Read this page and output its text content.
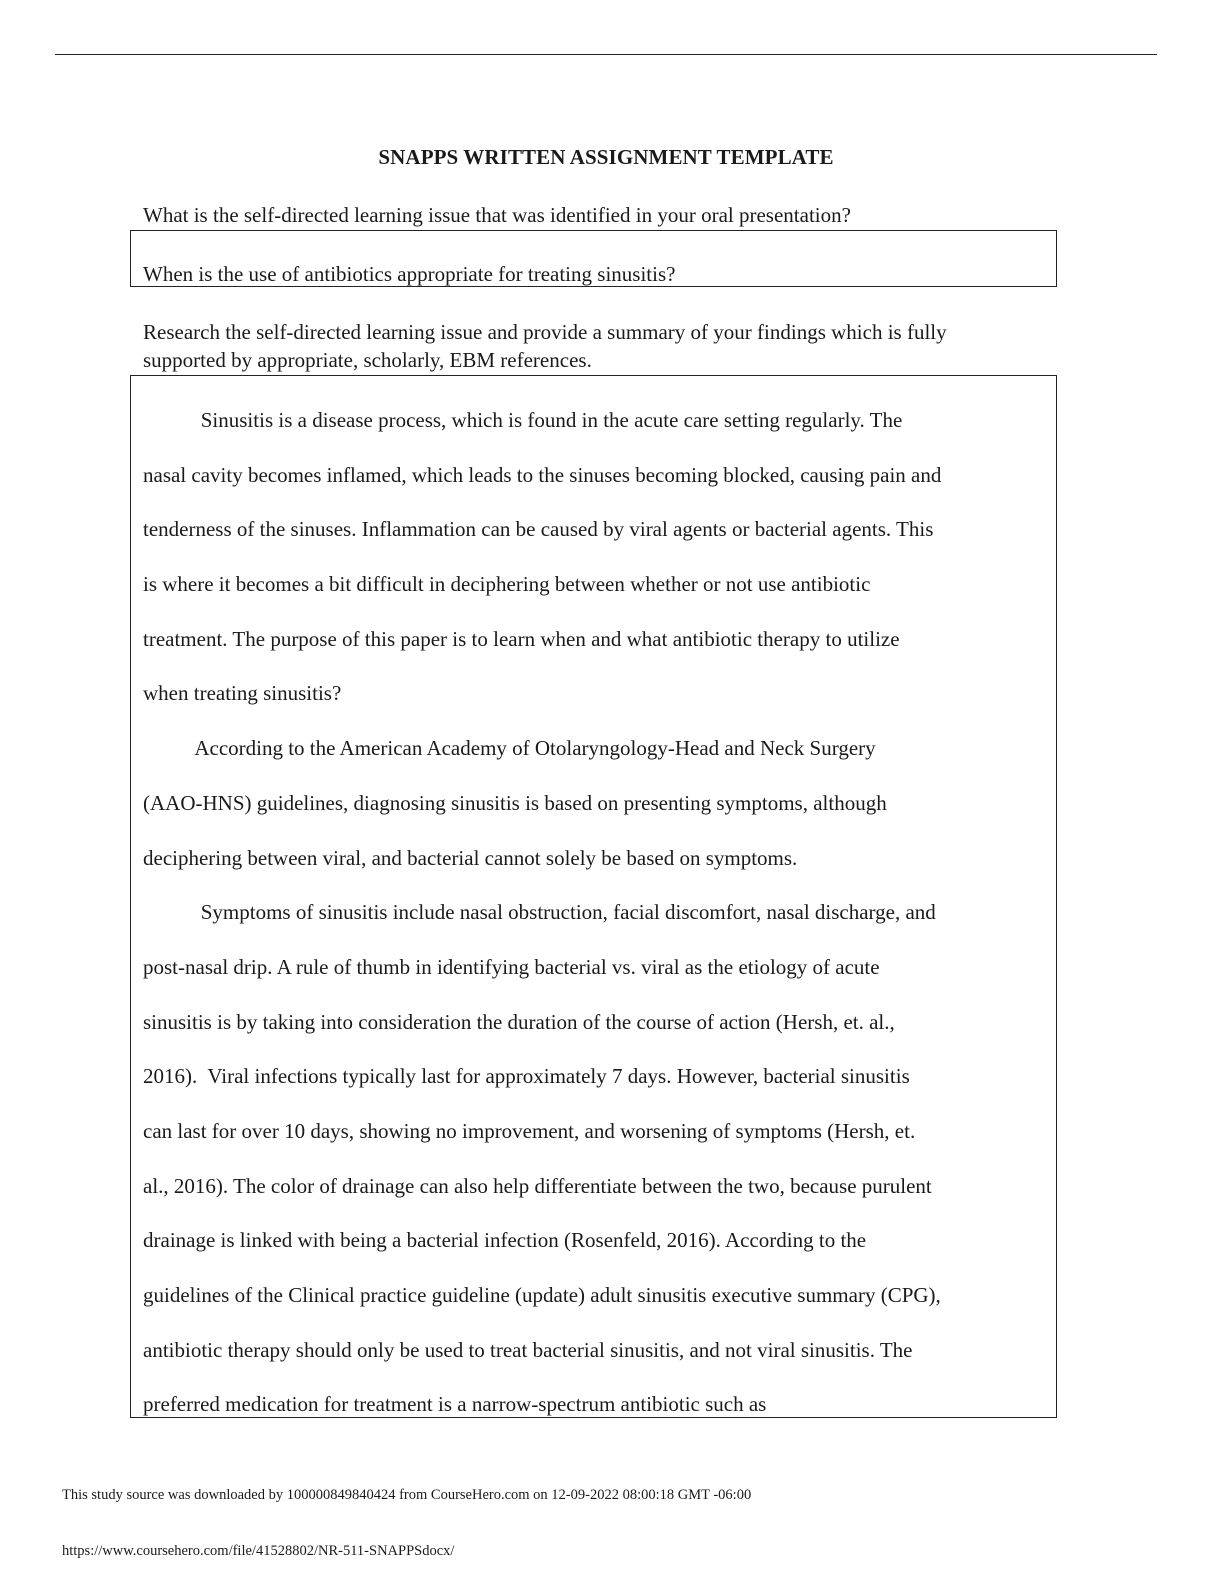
SNAPPS WRITTEN ASSIGNMENT TEMPLATE
What is the self-directed learning issue that was identified in your oral presentation?
When is the use of antibiotics appropriate for treating sinusitis?
Research the self-directed learning issue and provide a summary of your findings which is fully
supported by appropriate, scholarly, EBM references.
Sinusitis is a disease process, which is found in the acute care setting regularly. The
nasal cavity becomes inflamed, which leads to the sinuses becoming blocked, causing pain and
tenderness of the sinuses. Inflammation can be caused by viral agents or bacterial agents. This
is where it becomes a bit difficult in deciphering between whether or not use antibiotic
treatment. The purpose of this paper is to learn when and what antibiotic therapy to utilize
when treating sinusitis?
According to the American Academy of Otolaryngology-Head and Neck Surgery
(AAO-HNS) guidelines, diagnosing sinusitis is based on presenting symptoms, although
deciphering between viral, and bacterial cannot solely be based on symptoms.
Symptoms of sinusitis include nasal obstruction, facial discomfort, nasal discharge, and
post-nasal drip. A rule of thumb in identifying bacterial vs. viral as the etiology of acute
sinusitis is by taking into consideration the duration of the course of action (Hersh, et. al.,
2016).  Viral infections typically last for approximately 7 days. However, bacterial sinusitis
can last for over 10 days, showing no improvement, and worsening of symptoms (Hersh, et.
al., 2016). The color of drainage can also help differentiate between the two, because purulent
drainage is linked with being a bacterial infection (Rosenfeld, 2016). According to the
guidelines of the Clinical practice guideline (update) adult sinusitis executive summary (CPG),
antibiotic therapy should only be used to treat bacterial sinusitis, and not viral sinusitis. The
preferred medication for treatment is a narrow-spectrum antibiotic such as
This study source was downloaded by 100000849840424 from CourseHero.com on 12-09-2022 08:00:18 GMT -06:00
https://www.coursehero.com/file/41528802/NR-511-SNAPPSdocx/
